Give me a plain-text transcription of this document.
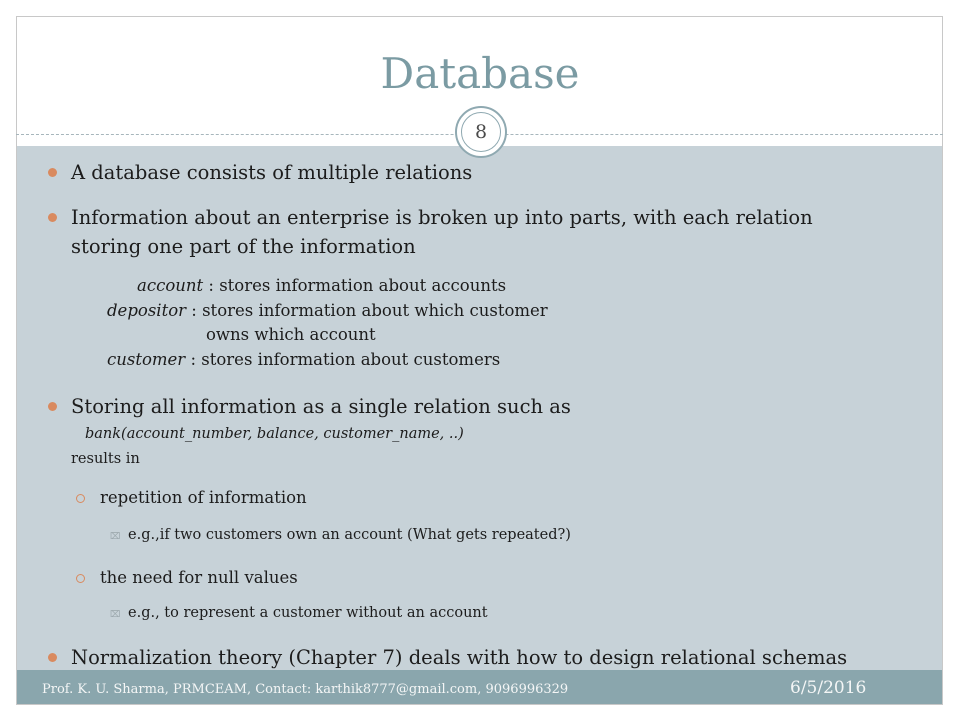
Database
8
A database consists of multiple relations
Information about an enterprise is broken up into parts, with each relation
storing one part of the information
account : stores information about accounts
depositor : stores information about which customer
owns which account
customer : stores information about customers
Storing all information as a single relation such as
bank(account_number, balance, customer_name, ..)
results in
repetition of information
⌧ e.g.,if two customers own an account (What gets repeated?)
the need for null values
⌧ e.g., to represent a customer without an account
Normalization theory (Chapter 7) deals with how to design relational schemas
Prof. K. U. Sharma, PRMCEAM, Contact: karthik8777@gmail.com, 9096996329	6/5/2016
